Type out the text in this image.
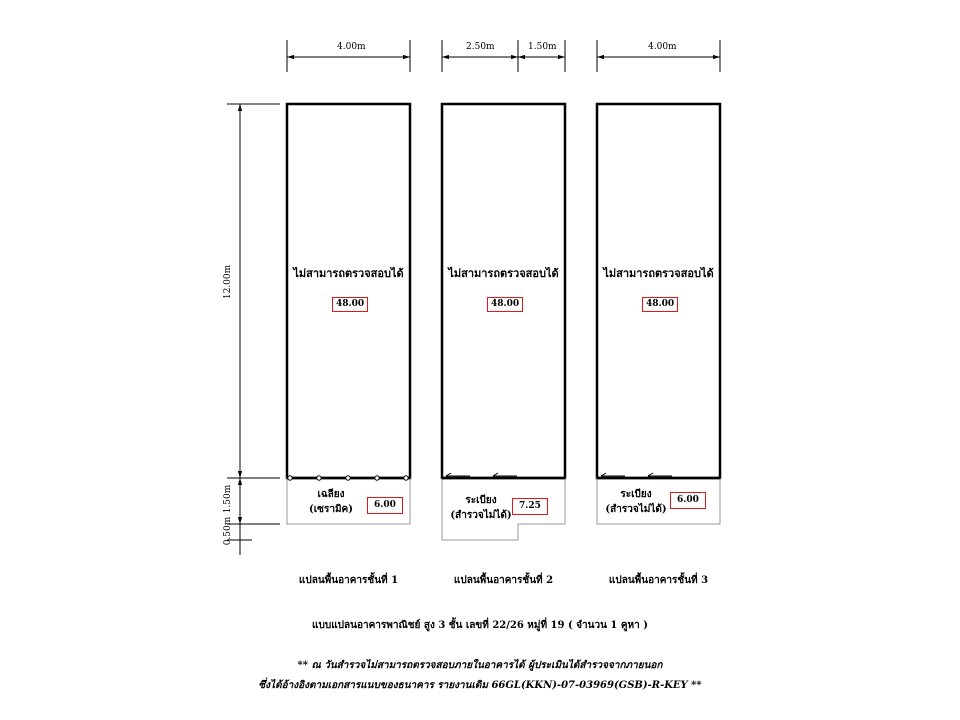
4.00m	2.50m	1.50m	4.00m
12.00m
1.50m
0.50m
ไม่สามารถตรวจสอบได้
48.00
เฉลียง
(เซรามิค)	6.00
ไม่สามารถตรวจสอบได้
48.00
ระเบียง
(สำรวจไม่ได้)
7.25
ไม่สามารถตรวจสอบได้
48.00
ระเบียง
(สำรวจไม่ได้)
6.00
แปลนพื้นอาคารชั้นที่ 1	แปลนพื้นอาคารชั้นที่ 2	แปลนพื้นอาคารชั้นที่ 3
แบบแปลนอาคารพาณิชย์ สูง 3 ชั้น เลขที่ 22/26 หมู่ที่ 19 ( จำนวน 1 คูหา )
** ณ วันสำรวจไม่สามารถตรวจสอบภายในอาคารได้ ผู้ประเมินได้สำรวจจากภายนอก
ซึ่งได้อ้างอิงตามเอกสารแนบของธนาคาร รายงานเดิม 66GL(KKN)-07-03969(GSB)-R-KEY **
